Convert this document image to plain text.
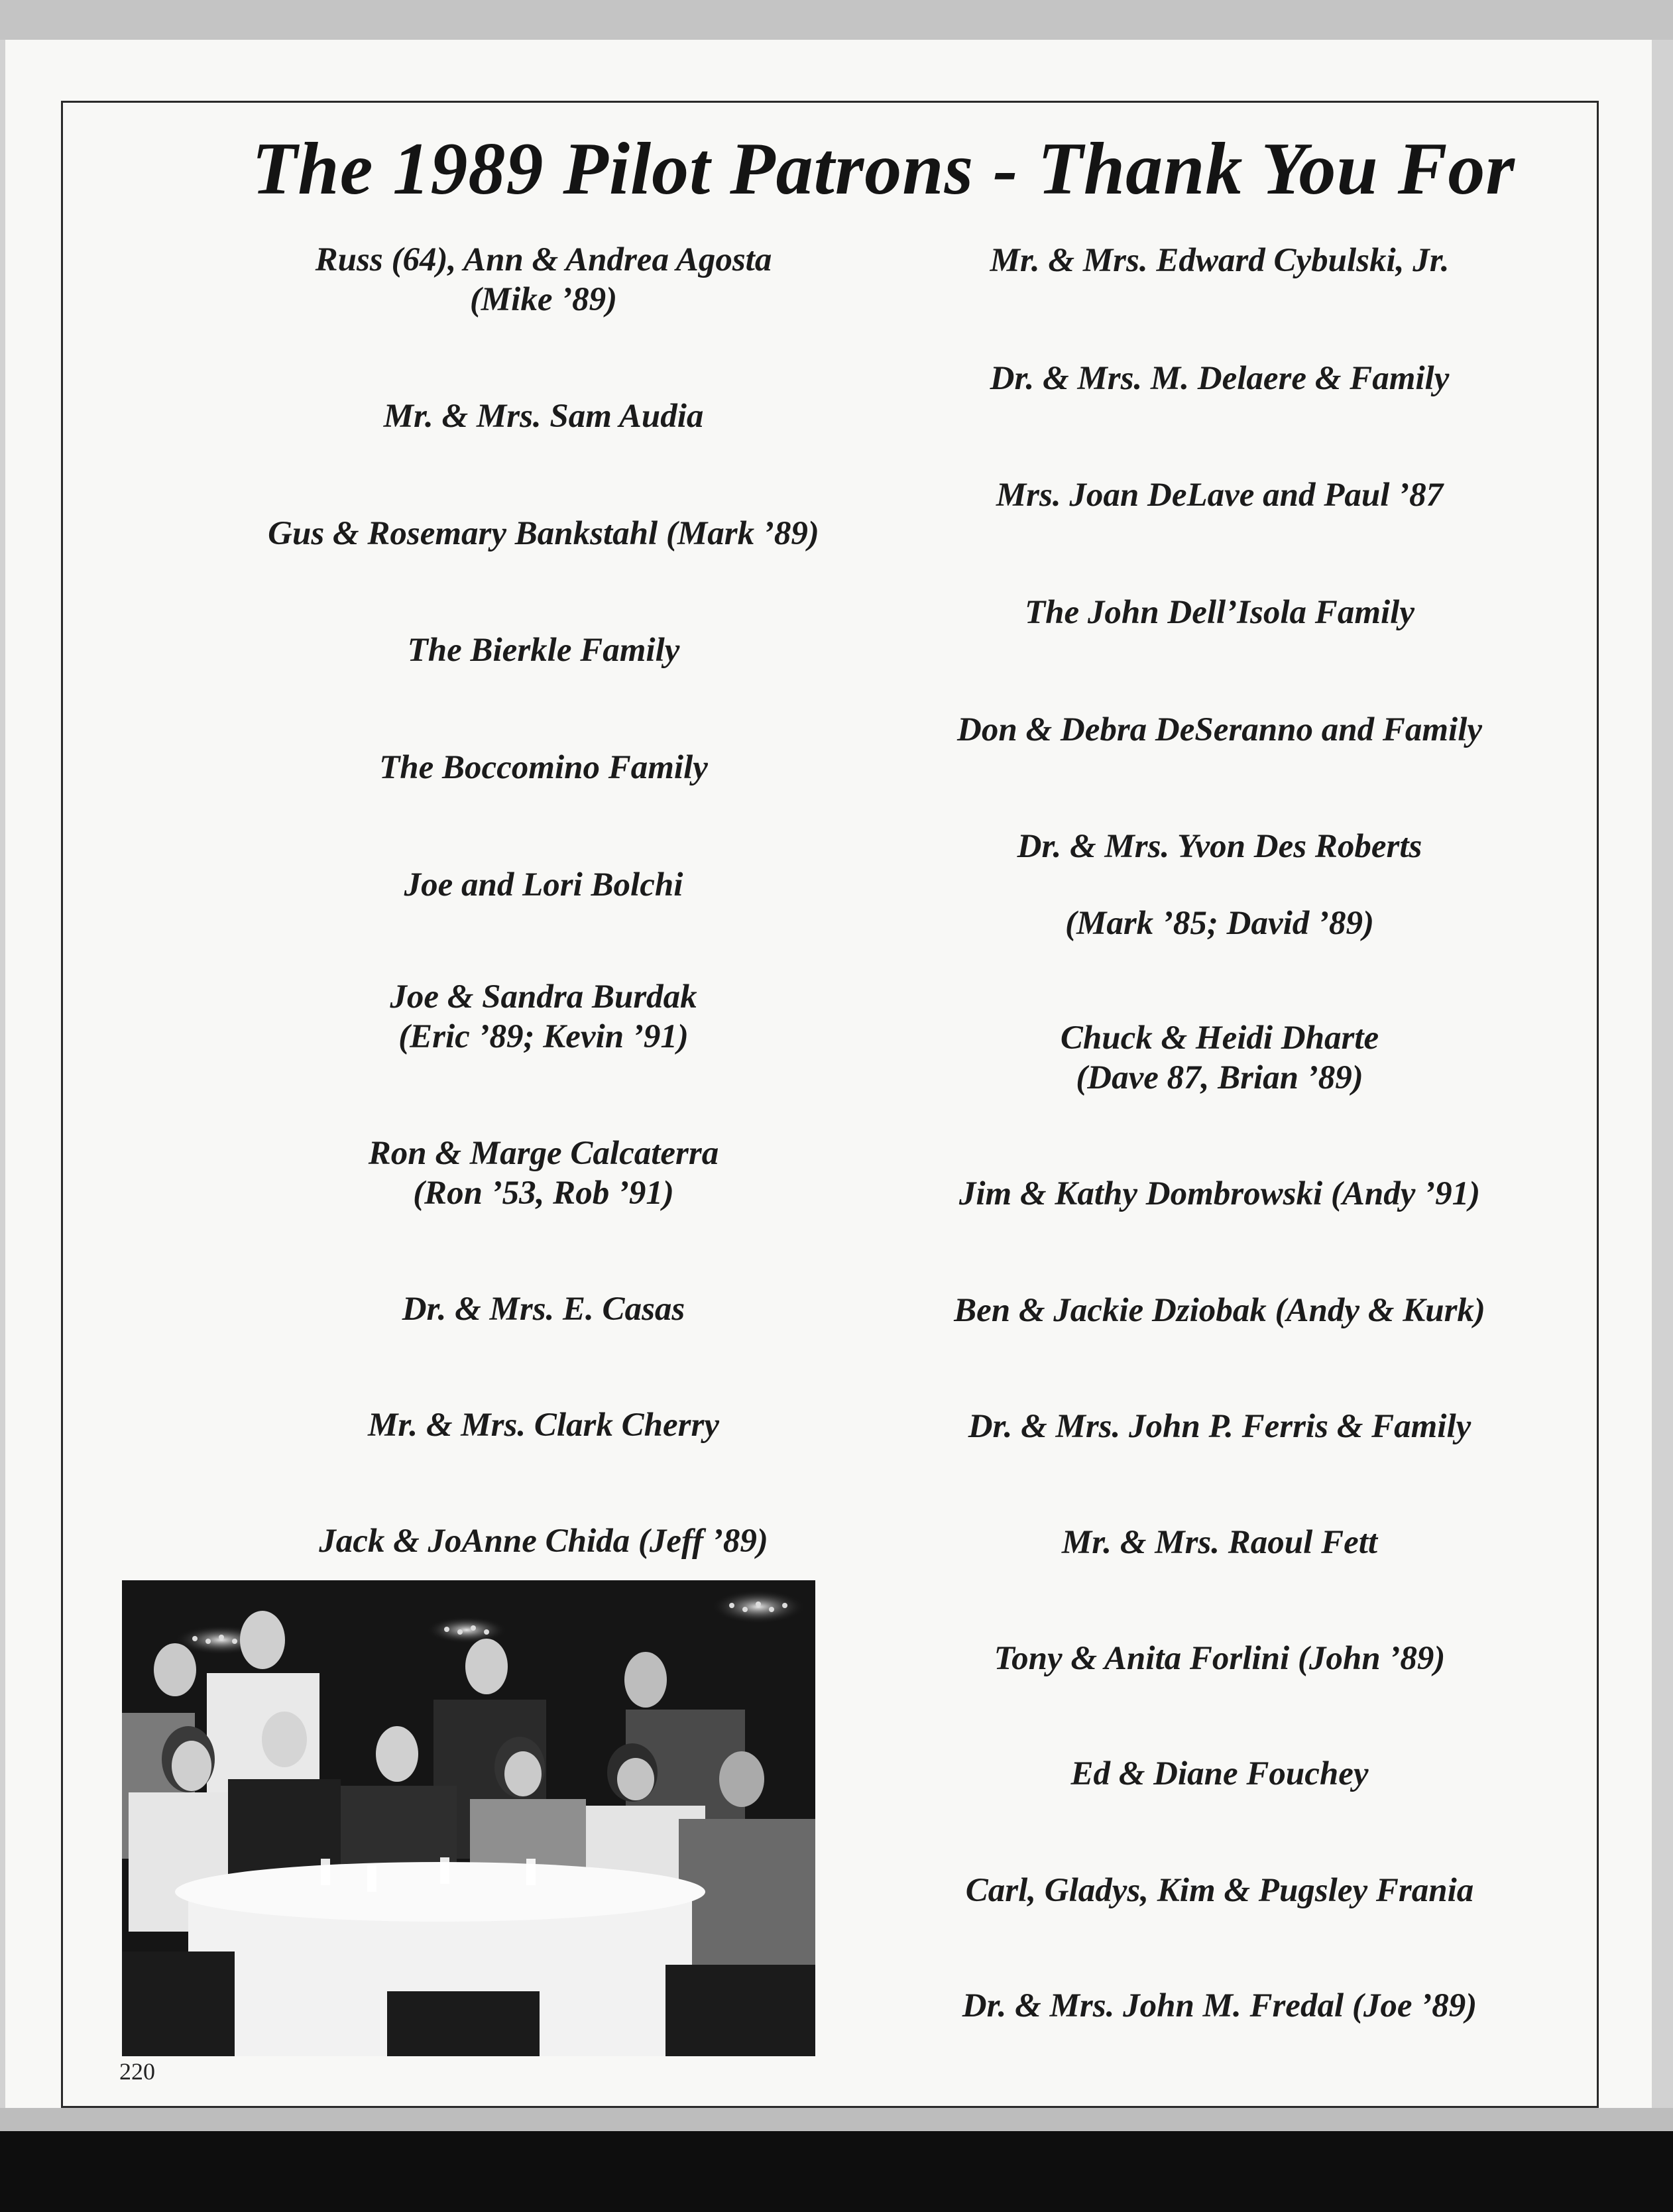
The 1989 Pilot Patrons - Thank You For
Russ (64), Ann & Andrea Agosta
(Mike ’89)
Mr. & Mrs. Sam Audia
Gus & Rosemary Bankstahl (Mark ’89)
The Bierkle Family
The Boccomino Family
Joe and Lori Bolchi
Joe & Sandra Burdak
(Eric ’89; Kevin ’91)
Ron & Marge Calcaterra
(Ron ’53, Rob ’91)
Dr. & Mrs. E. Casas
Mr. & Mrs. Clark Cherry
Jack & JoAnne Chida (Jeff ’89)
Mr. & Mrs. Edward Cybulski, Jr.
Dr. & Mrs. M. Delaere & Family
Mrs. Joan DeLave and Paul ’87
The John Dell’Isola Family
Don & Debra DeSeranno and Family
Dr. & Mrs. Yvon Des Roberts
(Mark ’85; David ’89)
Chuck & Heidi Dharte
(Dave 87, Brian ’89)
Jim & Kathy Dombrowski (Andy ’91)
Ben & Jackie Dziobak (Andy & Kurk)
Dr. & Mrs. John P. Ferris & Family
Mr. & Mrs. Raoul Fett
Tony & Anita Forlini (John ’89)
Ed & Diane Fouchey
Carl, Gladys, Kim & Pugsley Frania
Dr. & Mrs. John M. Fredal (Joe ’89)
220
